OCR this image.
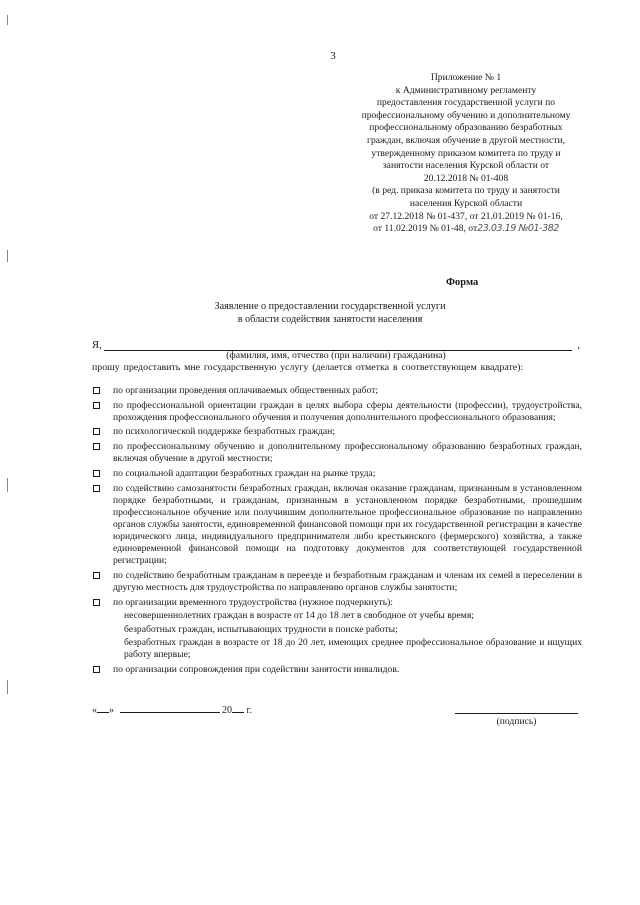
3
Приложение № 1
к Административному регламенту
предоставления государственной услуги по
профессиональному обучению и дополнительному
профессиональному образованию безработных
граждан, включая обучение в другой местности,
утвержденному приказом комитета по труду и
занятости населения Курской области от
20.12.2018 № 01-408
(в ред. приказа комитета по труду и занятости
населения Курской области
от 27.12.2018 № 01-437, от 21.01.2019 № 01-16,
от 11.02.2019 № 01-48, от23.03.19 №01-382
Форма
Заявление о предоставлении государственной услуги
в области содействия занятости населения
Я,	,
(фамилия, имя, отчество (при наличии) гражданина)
прошу предоставить мне государственную услугу (делается отметка в соответствующем квадрате):
по организации проведения оплачиваемых общественных работ;
по профессиональной ориентации граждан в целях выбора сферы деятельности (профессии), трудоустройства, прохождения профессионального обучения и получения дополнительного профессионального образования;
по психологической поддержке безработных граждан;
по профессиональному обучению и дополнительному профессиональному образованию безработных граждан, включая обучение в другой местности;
по социальной адаптации безработных граждан на рынке труда;
по содействию самозанятости безработных граждан, включая оказание гражданам, признанным в установленном порядке безработными, и гражданам, признанным в установленном порядке безработными, прошедшим профессиональное обучение или получившим дополнительное профессиональное образование по направлению органов службы занятости, единовременной финансовой помощи при их государственной регистрации в качестве юридического лица, индивидуального предпринимателя либо крестьянского (фермерского) хозяйства, а также единовременной финансовой помощи на подготовку документов для соответствующей государственной регистрации;
по содействию безработным гражданам в переезде и безработным гражданам и членам их семей в переселении в другую местность для трудоустройства по направлению органов службы занятости;
по организации временного трудоустройства (нужное подчеркнуть):
несовершеннолетних граждан в возрасте от 14 до 18 лет в свободное от учебы время;
безработных граждан, испытывающих трудности в поиске работы;
безработных граждан в возрасте от 18 до 20 лет, имеющих среднее профессиональное образование и ищущих работу впервые;
по организации сопровождения при содействии занятости инвалидов.
« »	20 г.
(подпись)
